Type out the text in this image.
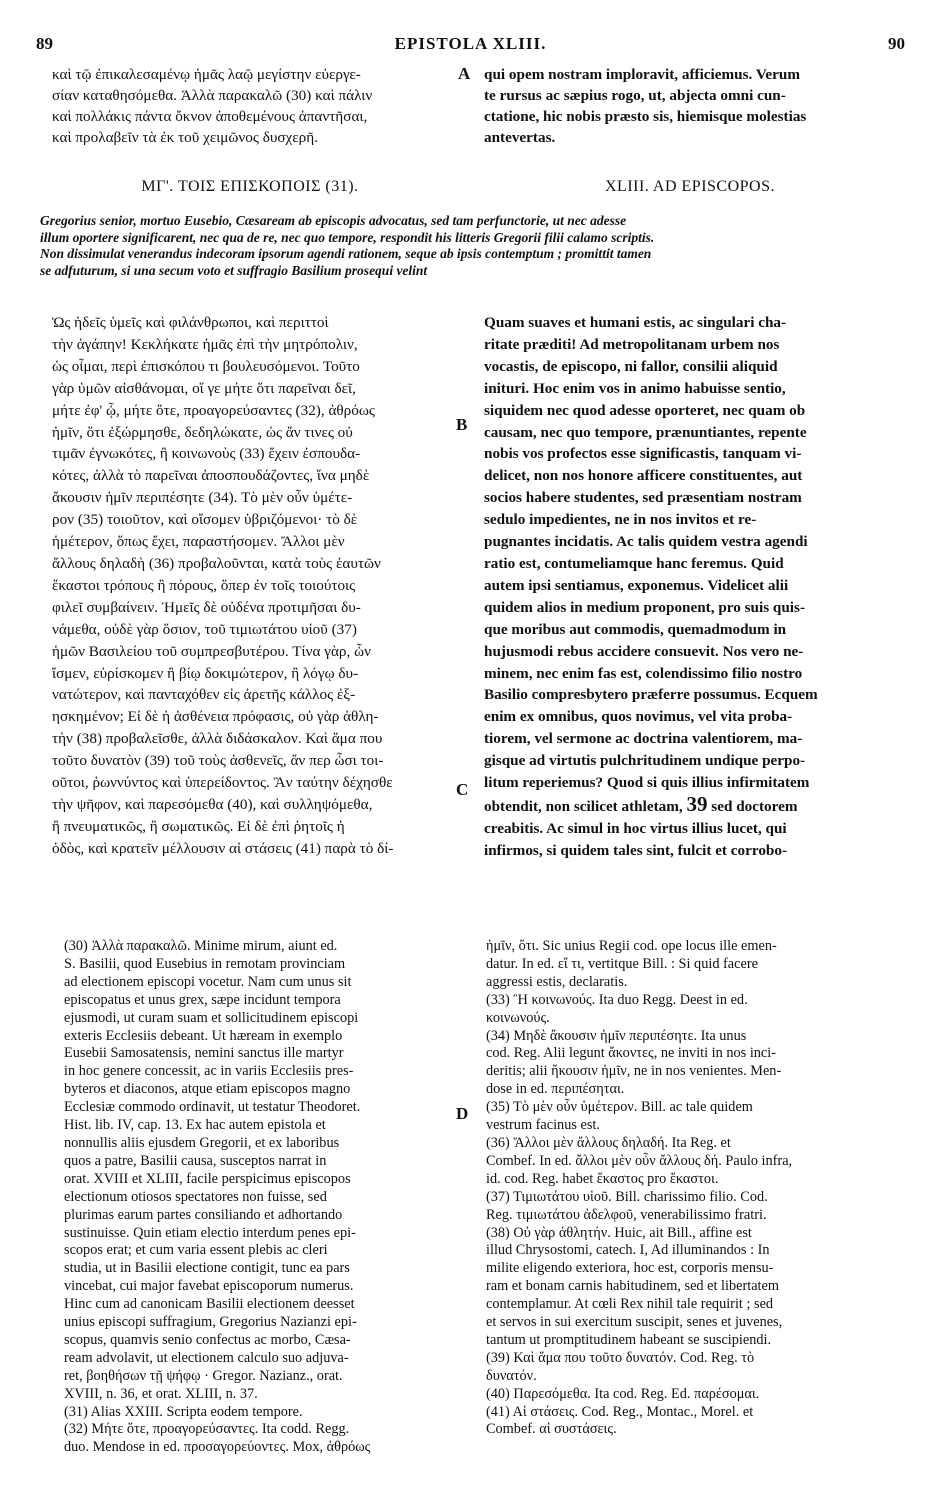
89	EPISTOLA XLIII.	90
A
B
C
D
καὶ τῷ ἐπικαλεσαμένῳ ἡμᾶς λαῷ μεγίστην εὐεργε-
σίαν καταθησόμεθα. Ἀλλὰ παρακαλῶ (30) καὶ πάλιν
καὶ πολλάκις πάντα ὄκνον ἀποθεμένους ἀπαντῆσαι,
καὶ προλαβεῖν τὰ ἐκ τοῦ χειμῶνος δυσχερῆ.
qui opem nostram imploravit, afficiemus. Verum
te rursus ac sæpius rogo, ut, abjecta omni cun-
ctatione, hic nobis præsto sis, hiemisque molestias
antevertas.
ΜΓ'. ΤΟΙΣ ΕΠΙΣΚΟΠΟΙΣ (31).	XLIII. AD EPISCOPOS.
Gregorius senior, mortuo Eusebio, Cæsaream ab episcopis advocatus, sed tam perfunctorie, ut nec adesse
illum oportere significarent, nec qua de re, nec quo tempore, respondit his litteris Gregorii filii calamo scriptis.
Non dissimulat venerandus indecoram ipsorum agendi rationem, seque ab ipsis contemptum ; promittit tamen
se adfuturum, si una secum voto et suffragio Basilium prosequi velint
Ὡς ἡδεῖς ὑμεῖς καὶ φιλάνθρωποι, καὶ περιττοὶ
τὴν ἀγάπην! Κεκλήκατε ἡμᾶς ἐπὶ τὴν μητρόπολιν,
ὡς οἶμαι, περὶ ἐπισκόπου τι βουλευσόμενοι. Τοῦτο
γὰρ ὑμῶν αἰσθάνομαι, οἵ γε μήτε ὅτι παρεῖναι δεῖ,
μήτε ἐφ' ᾧ, μήτε ὅτε, προαγορεύσαντες (32), ἀθρόως
ἡμῖν, ὅτι ἐξώρμησθε, δεδηλώκατε, ὡς ἄν τινες οὐ
τιμᾶν ἐγνωκότες, ἢ κοινωνοὺς (33) ἔχειν ἐσπουδα-
κότες, ἀλλὰ τὸ παρεῖναι ἀποσπουδάζοντες, ἵνα μηδὲ
ἄκουσιν ἡμῖν περιπέσητε (34). Τὸ μὲν οὖν ὑμέτε-
ρον (35) τοιοῦτον, καὶ οἴσομεν ὑβριζόμενοι· τὸ δὲ
ἡμέτερον, ὅπως ἔχει, παραστήσομεν. Ἄλλοι μὲν
ἄλλους δηλαδὴ (36) προβαλοῦνται, κατὰ τοὺς ἑαυτῶν
ἕκαστοι τρόπους ἢ πόρους, ὅπερ ἐν τοῖς τοιούτοις
φιλεῖ συμβαίνειν. Ἡμεῖς δὲ οὐδένα προτιμῆσαι δυ-
νάμεθα, οὐδὲ γὰρ ὅσιον, τοῦ τιμιωτάτου υἱοῦ (37)
ἡμῶν Βασιλείου τοῦ συμπρεσβυτέρου. Τίνα γὰρ, ὧν
ἴσμεν, εὑρίσκομεν ἢ βίῳ δοκιμώτερον, ἢ λόγῳ δυ-
νατώτερον, καὶ πανταχόθεν εἰς ἀρετῆς κάλλος ἐξ-
ησκημένον; Εἰ δὲ ἡ ἀσθένεια πρόφασις, οὐ γὰρ ἀθλη-
τὴν (38) προβαλεῖσθε, ἀλλὰ διδάσκαλον. Καὶ ἅμα που
τοῦτο δυνατὸν (39) τοῦ τοὺς ἀσθενεῖς, ἄν περ ὦσι τοι-
οῦτοι, ῥωννύντος καὶ ὑπερείδοντος. Ἂν ταύτην δέχησθε
τὴν ψῆφον, καὶ παρεσόμεθα (40), καὶ συλληψόμεθα,
ἢ πνευματικῶς, ἢ σωματικῶς. Εἰ δὲ ἐπὶ ῥητοῖς ἡ
ὁδὸς, καὶ κρατεῖν μέλλουσιν αἱ στάσεις (41) παρὰ τὸ δί-
Quam suaves et humani estis, ac singulari cha-
ritate præditi! Ad metropolitanam urbem nos
vocastis, de episcopo, ni fallor, consilii aliquid
inituri. Hoc enim vos in animo habuisse sentio,
siquidem nec quod adesse oporteret, nec quam ob
causam, nec quo tempore, prænuntiantes, repente
nobis vos profectos esse significastis, tanquam vi-
delicet, non nos honore afficere constituentes, aut
socios habere studentes, sed præsentiam nostram
sedulo impedientes, ne in nos invitos et re-
pugnantes incidatis. Ac talis quidem vestra agendi
ratio est, contumeliamque hanc feremus. Quid
autem ipsi sentiamus, exponemus. Videlicet alii
quidem alios in medium proponent, pro suis quis-
que moribus aut commodis, quemadmodum in
hujusmodi rebus accidere consuevit. Nos vero ne-
minem, nec enim fas est, colendissimo filio nostro
Basilio compresbytero præferre possumus. Ecquem
enim ex omnibus, quos novimus, vel vita proba-
tiorem, vel sermone ac doctrina valentiorem, ma-
gisque ad virtutis pulchritudinem undique perpo-
litum reperiemus? Quod si quis illius infirmitatem
obtendit, non scilicet athletam, 39 sed doctorem
creabitis. Ac simul in hoc virtus illius lucet, qui
infirmos, si quidem tales sint, fulcit et corrobo-
(30) Ἀλλὰ παρακαλῶ. Minime mirum, aiunt ed.
S. Basilii, quod Eusebius in remotam provinciam
ad electionem episcopi vocetur. Nam cum unus sit
episcopatus et unus grex, sæpe incidunt tempora
ejusmodi, ut curam suam et sollicitudinem episcopi
exteris Ecclesiis debeant. Ut hæream in exemplo
Eusebii Samosatensis, nemini sanctus ille martyr
in hoc genere concessit, ac in variis Ecclesiis pres-
byteros et diaconos, atque etiam episcopos magno
Ecclesiæ commodo ordinavit, ut testatur Theodoret.
Hist. lib. IV, cap. 13. Ex hac autem epistola et
nonnullis aliis ejusdem Gregorii, et ex laboribus
quos a patre, Basilii causa, susceptos narrat in
orat. XVIII et XLIII, facile perspicimus episcopos
electionum otiosos spectatores non fuisse, sed
plurimas earum partes consiliando et adhortando
sustinuisse. Quin etiam electio interdum penes epi-
scopos erat; et cum varia essent plebis ac cleri
studia, ut in Basilii electione contigit, tunc ea pars
vincebat, cui major favebat episcoporum numerus.
Hinc cum ad canonicam Basilii electionem deesset
unius episcopi suffragium, Gregorius Nazianzi epi-
scopus, quamvis senio confectus ac morbo, Cæsa-
ream advolavit, ut electionem calculo suo adjuva-
ret, βοηθήσων τῇ ψήφῳ · Gregor. Nazianz., orat.
XVIII, n. 36, et orat. XLIII, n. 37.
(31) Alias XXIII. Scripta eodem tempore.
(32) Μήτε ὅτε, προαγορεύσαντες. Ita codd. Regg.
duo. Mendose in ed. προσαγορεύοντες. Mox, ἀθρόως
ἡμῖν, ὅτι. Sic unius Regii cod. ope locus ille emen-
datur. In ed. εἴ τι, vertitque Bill. : Si quid facere
aggressi estis, declaratis.
(33) Ἢ κοινωνούς. Ita duo Regg. Deest in ed.
κοινωνούς.
(34) Μηδὲ ἄκουσιν ἡμῖν περιπέσητε. Ita unus
cod. Reg. Alii legunt ἄκοντες, ne inviti in nos inci-
deritis; alii ἥκουσιν ἡμῖν, ne in nos venientes. Men-
dose in ed. περιπέσηται.
(35) Τὸ μὲν οὖν ὑμέτερον. Bill. ac tale quidem
vestrum facinus est.
(36) Ἄλλοι μὲν ἄλλους δηλαδή. Ita Reg. et
Combef. In ed. ἄλλοι μὲν οὖν ἄλλους δή. Paulo infra,
id. cod. Reg. habet ἕκαστος pro ἕκαστοι.
(37) Τιμιωτάτου υἱοῦ. Bill. charissimo filio. Cod.
Reg. τιμιωτάτου ἀδελφοῦ, venerabilissimo fratri.
(38) Οὐ γὰρ ἀθλητήν. Huic, ait Bill., affine est
illud Chrysostomi, catech. I, Ad illuminandos : In
milite eligendo exteriora, hoc est, corporis mensu-
ram et bonam carnis habitudinem, sed et libertatem
contemplamur. At cœli Rex nihil tale requirit ; sed
et servos in sui exercitum suscipit, senes et juvenes,
tantum ut promptitudinem habeant se suscipiendi.
(39) Καὶ ἅμα που τοῦτο δυνατόν. Cod. Reg. τὸ
δυνατόν.
(40) Παρεσόμεθα. Ita cod. Reg. Ed. παρέσομαι.
(41) Αἱ στάσεις. Cod. Reg., Montac., Morel. et
Combef. αἱ συστάσεις.
